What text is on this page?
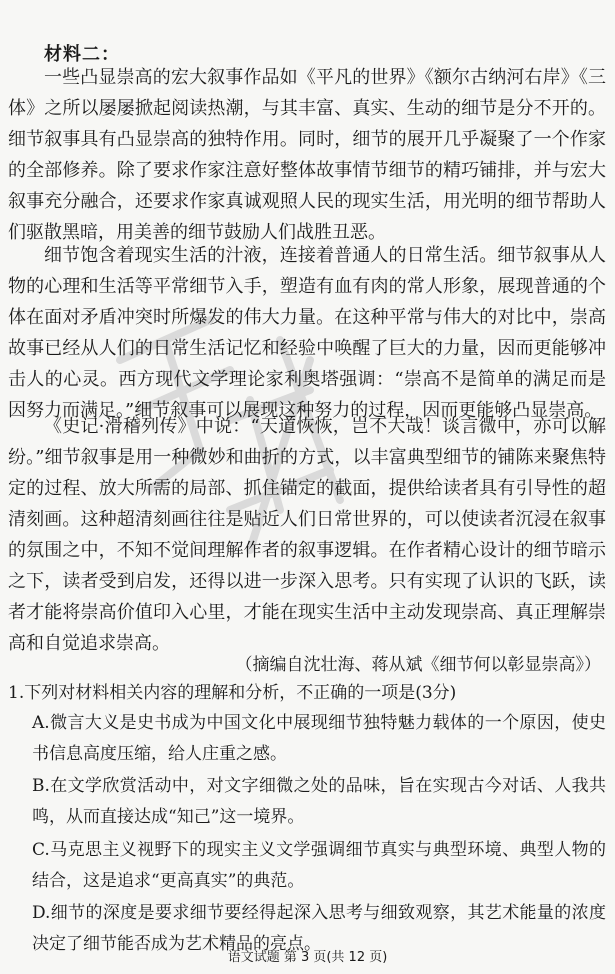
材料二：

一些凸显崇高的宏大叙事作品如《平凡的世界》《额尔古纳河右岸》《三体》之所以屡屡掀起阅读热潮，与其丰富、真实、生动的细节是分不开的。细节叙事具有凸显崇高的独特作用。同时，细节的展开几乎凝聚了一个作家的全部修养。除了要求作家注意好整体故事情节细节的精巧铺排，并与宏大叙事充分融合，还要求作家真诚观照人民的现实生活，用光明的细节帮助人们驱散黑暗，用美善的细节鼓励人们战胜丑恶。

细节饱含着现实生活的汁液，连接着普通人的日常生活。细节叙事从人物的心理和生活等平常细节入手，塑造有血有肉的常人形象，展现普通的个体在面对矛盾冲突时所爆发的伟大力量。在这种平常与伟大的对比中，崇高故事已经从人们的日常生活记忆和经验中唤醒了巨大的力量，因而更能够冲击人的心灵。西方现代文学理论家利奥塔强调：“崇高不是简单的满足而是因努力而满足。”细节叙事可以展现这种努力的过程，因而更能够凸显崇高。

《史记·滑稽列传》中说：“天道恢恢，岂不大哉！谈言微中，亦可以解纷。”细节叙事是用一种微妙和曲折的方式，以丰富典型细节的铺陈来聚焦特定的过程、放大所需的局部、抓住锚定的截面，提供给读者具有引导性的超清刻画。这种超清刻画往往是贴近人们日常世界的，可以使读者沉浸在叙事的氛围之中，不知不觉间理解作者的叙事逻辑。在作者精心设计的细节暗示之下，读者受到启发，还得以进一步深入思考。只有实现了认识的飞跃，读者才能将崇高价值印入心里，才能在现实生活中主动发现崇高、真正理解崇高和自觉追求崇高。

（摘编自沈壮海、蒋从斌《细节何以彰显崇高》）
1.下列对材料相关内容的理解和分析，不正确的一项是(3分)

A.微言大义是史书成为中国文化中展现细节独特魅力载体的一个原因，使史书信息高度压缩，给人庄重之感。

B.在文学欣赏活动中，对文字细微之处的品味，旨在实现古今对话、人我共鸣，从而直接达成“知己”这一境界。

C.马克思主义视野下的现实主义文学强调细节真实与典型环境、典型人物的结合，这是追求“更高真实”的典范。

D.细节的深度是要求细节要经得起深入思考与细致观察，其艺术能量的浓度决定了细节能否成为艺术精品的亮点。

语文试题 第 3 页(共 12 页)
